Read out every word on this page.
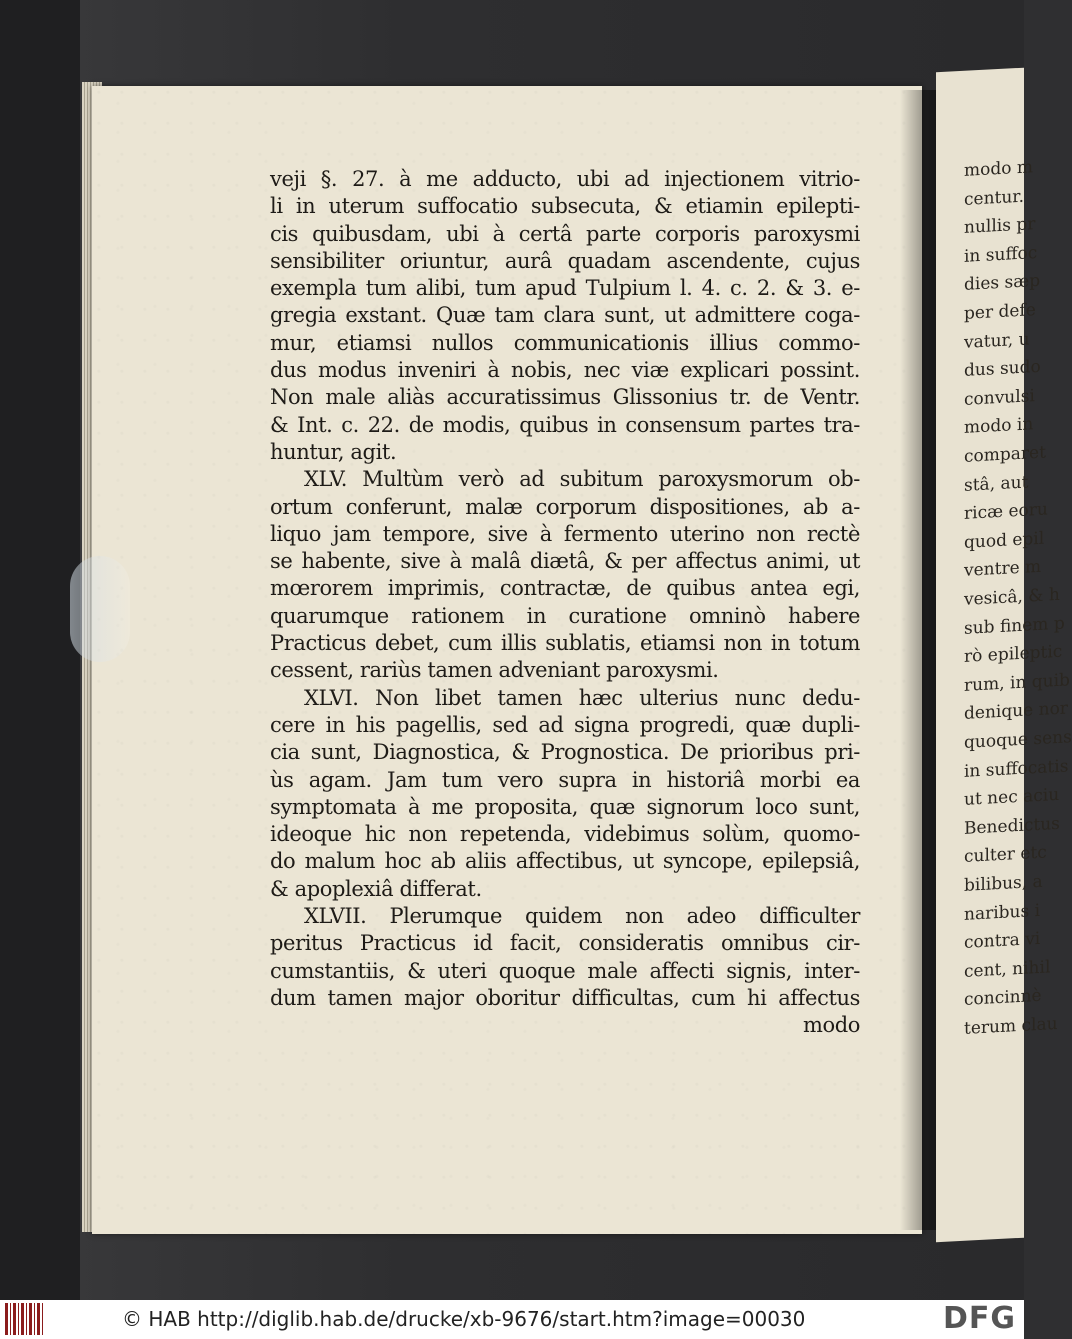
veji §. 27. à me adducto, ubi ad injectionem vitrio-
li in uterum suffocatio subsecuta, & etiamin epilepti-
cis quibusdam, ubi à certâ parte corporis paroxysmi
sensibiliter oriuntur, aurâ quadam ascendente, cujus
exempla tum alibi, tum apud Tulpium l. 4. c. 2. & 3. e-
gregia exstant. Quæ tam clara sunt, ut admittere coga-
mur, etiamsi nullos communicationis illius commo-
dus modus inveniri à nobis, nec viæ explicari possint.
Non male aliàs accuratissimus Glissonius tr. de Ventr.
& Int. c. 22. de modis, quibus in consensum partes tra-
huntur, agit.
XLV. Multùm verò ad subitum paroxysmorum ob-
ortum conferunt, malæ corporum dispositiones, ab a-
liquo jam tempore, sive à fermento uterino non rectè
se habente, sive à malâ diætâ, & per affectus animi, ut
mœrorem imprimis, contractæ, de quibus antea egi,
quarumque rationem in curatione omninò habere
Practicus debet, cum illis sublatis, etiamsi non in totum
cessent, rariùs tamen adveniant paroxysmi.
XLVI. Non libet tamen hæc ulterius nunc dedu-
cere in his pagellis, sed ad signa progredi, quæ dupli-
cia sunt, Diagnostica, & Prognostica. De prioribus pri-
ùs agam. Jam tum vero supra in historiâ morbi ea
symptomata à me proposita, quæ signorum loco sunt,
ideoque hic non repetenda, videbimus solùm, quomo-
do malum hoc ab aliis affectibus, ut syncope, epilepsiâ,
& apoplexiâ differat.
XLVII. Plerumque quidem non adeo difficulter
peritus Practicus id facit, consideratis omnibus cir-
cumstantiis, & uteri quoque male affecti signis, inter-
dum tamen major oboritur difficultas, cum hi affectus
modo
modo m
centur.
nullis pr
in suffoc
dies sæp
per defe
vatur, u
dus sudo
convulsi
modo in
comparet
stâ, aut
ricæ eoru
quod epil
ventre m
vesicâ, & h
sub finem p
rò epileptic
rum, in quib
denique nor
quoque sens
in suffocatis
ut nec aciu
Benedictus
culter etc
bilibus, a
naribus i
contra vi
cent, nihil
concinnè
terum clau
© HAB http://diglib.hab.de/drucke/xb-9676/start.htm?image=00030	DFG
